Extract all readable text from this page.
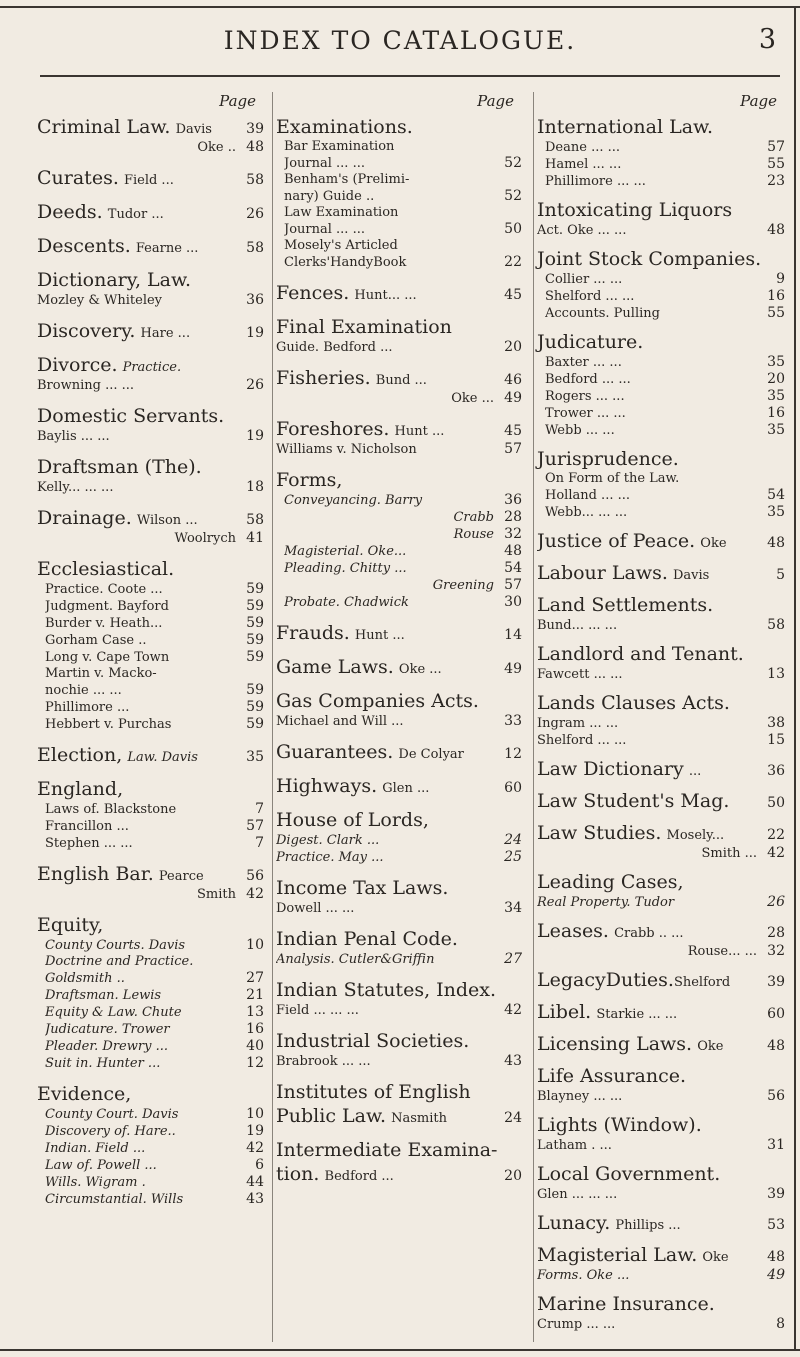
INDEX TO CATALOGUE.	3
Page
Criminal Law. Davis	39
Oke .. 48
Curates. Field ...	58
Deeds. Tudor ...	26
Descents. Fearne ...	58
Dictionary, Law.
Mozley & Whiteley	36
Discovery. Hare ...	19
Divorce. Practice.
Browning ... ...	26
Domestic Servants.
Baylis ... ...	19
Draftsman (The).
Kelly... ... ...	18
Drainage. Wilson ...	58
Woolrych 41
Ecclesiastical.
Practice. Coote ...	59
Judgment. Bayford	59
Burder v. Heath...	59
Gorham Case ..	59
Long v. Cape Town	59
Martin v. Macko-
nochie ... ...	59
Phillimore ...	59
Hebbert v. Purchas	59
Election, Law. Davis	35
England,
Laws of. Blackstone	7
Francillon ...	57
Stephen ... ...	7
English Bar. Pearce	56
Smith 42
Equity,
County Courts. Davis	10
Doctrine and Practice.
Goldsmith ..	27
Draftsman. Lewis	21
Equity & Law. Chute	13
Judicature. Trower	16
Pleader. Drewry ...	40
Suit in. Hunter ...	12
Evidence,
County Court. Davis	10
Discovery of. Hare..	19
Indian. Field ...	42
Law of. Powell ...	6
Wills. Wigram .	44
Circumstantial. Wills	43
Page
Examinations.
Bar Examination
Journal ... ...	52
Benham's (Prelimi-
nary) Guide ..	52
Law Examination
Journal ... ...	50
Mosely's Articled
Clerks'HandyBook	22
Fences. Hunt... ...	45
Final Examination
Guide. Bedford ...	20
Fisheries. Bund ...	46
Oke ... 49
Foreshores. Hunt ...	45
Williams v. Nicholson	57
Forms,
Conveyancing. Barry	36
Crabb 28
Rouse 32
Magisterial. Oke...	48
Pleading. Chitty ...	54
Greening 57
Probate. Chadwick	30
Frauds. Hunt ...	14
Game Laws. Oke ...	49
Gas Companies Acts.
Michael and Will ...	33
Guarantees. De Colyar	12
Highways. Glen ...	60
House of Lords,
Digest. Clark ...	24
Practice. May ...	25
Income Tax Laws.
Dowell ... ...	34
Indian Penal Code.
Analysis. Cutler&Griffin	27
Indian Statutes, Index.
Field ... ... ...	42
Industrial Societies.
Brabrook ... ...	43
Institutes of English
Public Law. Nasmith	24
Intermediate Examina-
tion. Bedford ...	20
Page
International Law.
Deane ... ...	57
Hamel ... ...	55
Phillimore ... ...	23
Intoxicating Liquors
Act. Oke ... ...	48
Joint Stock Companies.
Collier ... ...	9
Shelford ... ...	16
Accounts. Pulling	55
Judicature.
Baxter ... ...	35
Bedford ... ...	20
Rogers ... ...	35
Trower ... ...	16
Webb ... ...	35
Jurisprudence.
On Form of the Law.
Holland ... ...	54
Webb... ... ...	35
Justice of Peace. Oke	48
Labour Laws. Davis	5
Land Settlements.
Bund... ... ...	58
Landlord and Tenant.
Fawcett ... ...	13
Lands Clauses Acts.
Ingram ... ...	38
Shelford ... ...	15
Law Dictionary ...	36
Law Student's Mag.	50
Law Studies. Mosely...	22
Smith ... 42
Leading Cases,
Real Property. Tudor	26
Leases. Crabb .. ...	28
Rouse... ... 32
LegacyDuties.Shelford	39
Libel. Starkie ... ...	60
Licensing Laws. Oke	48
Life Assurance.
Blayney ... ...	56
Lights (Window).
Latham . ...	31
Local Government.
Glen ... ... ...	39
Lunacy. Phillips ...	53
Magisterial Law. Oke	48
Forms. Oke ...	49
Marine Insurance.
Crump ... ...	8
